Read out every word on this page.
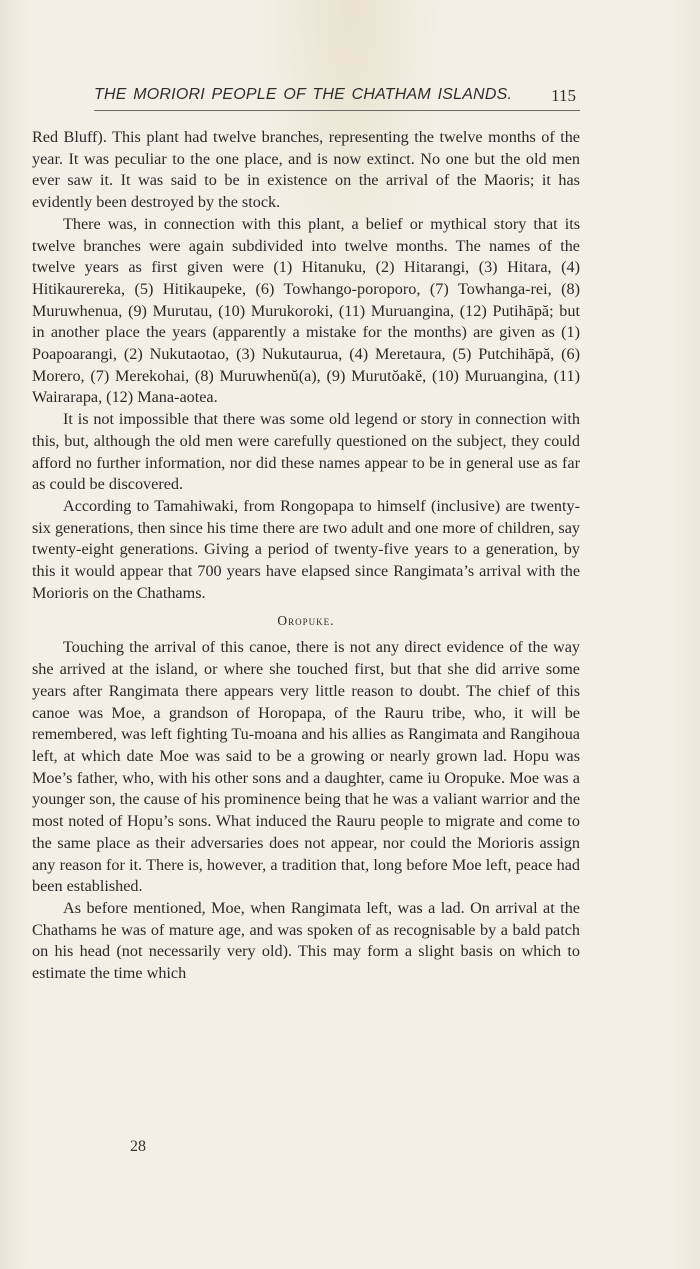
THE MORIORI PEOPLE OF THE CHATHAM ISLANDS. 115

Red Bluff). This plant had twelve branches, representing the twelve months of the year. It was peculiar to the one place, and is now extinct. No one but the old men ever saw it. It was said to be in existence on the arrival of the Maoris; it has evidently been destroyed by the stock.

There was, in connection with this plant, a belief or mythical story that its twelve branches were again subdivided into twelve months. The names of the twelve years as first given were (1) Hitanuku, (2) Hitarangi, (3) Hitara, (4) Hitikaurereka, (5) Hitikaupeke, (6) Towhango-poroporo, (7) Towhanga-rei, (8) Muruwhenua, (9) Murutau, (10) Murukoroki, (11) Muruangina, (12) Putihāpă; but in another place the years (apparently a mistake for the months) are given as (1) Poapoarangi, (2) Nukutaotao, (3) Nukutaurua, (4) Meretaura, (5) Putchihāpă, (6) Morero, (7) Merekohai, (8) Muruwhenŭ(a), (9) Murutŏakĕ, (10) Muruangina, (11) Wairarapa, (12) Mana-aotea.

It is not impossible that there was some old legend or story in connection with this, but, although the old men were carefully questioned on the subject, they could afford no further information, nor did these names appear to be in general use as far as could be discovered.

According to Tamahiwaki, from Rongopapa to himself (inclusive) are twenty-six generations, then since his time there are two adult and one more of children, say twenty-eight generations. Giving a period of twenty-five years to a generation, by this it would appear that 700 years have elapsed since Rangimata’s arrival with the Morioris on the Chathams.

Oropuke.

Touching the arrival of this canoe, there is not any direct evidence of the way she arrived at the island, or where she touched first, but that she did arrive some years after Rangimata there appears very little reason to doubt. The chief of this canoe was Moe, a grandson of Horopapa, of the Rauru tribe, who, it will be remembered, was left fighting Tu-moana and his allies as Rangimata and Rangihoua left, at which date Moe was said to be a growing or nearly grown lad. Hopu was Moe’s father, who, with his other sons and a daughter, came iu Oropuke. Moe was a younger son, the cause of his prominence being that he was a valiant warrior and the most noted of Hopu’s sons. What induced the Rauru people to migrate and come to the same place as their adversaries does not appear, nor could the Morioris assign any reason for it. There is, however, a tradition that, long before Moe left, peace had been established.

As before mentioned, Moe, when Rangimata left, was a lad. On arrival at the Chathams he was of mature age, and was spoken of as recognisable by a bald patch on his head (not necessarily very old). This may form a slight basis on which to estimate the time which

28
